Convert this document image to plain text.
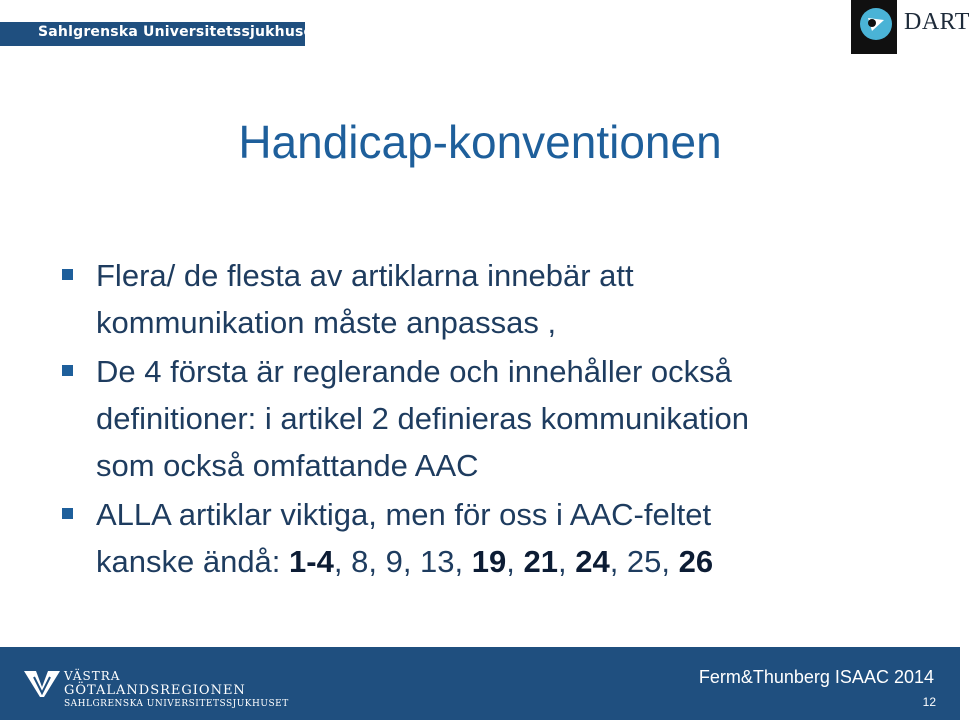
Sahlgrenska Universitetssjukhuset	DART
Handicap-konventionen
Flera/ de flesta av artiklarna innebär att
kommunikation måste anpassas ,
De 4 första är reglerande och innehåller också
definitioner: i artikel 2 definieras kommunikation
som också omfattande AAC
ALLA artiklar viktiga, men för oss i AAC-feltet
kanske ändå: 1-4, 8, 9, 13, 19, 21, 24, 25, 26
VÄSTRA
GÖTALANDSREGIONEN
SAHLGRENSKA UNIVERSITETSSJUKHUSET
Ferm&Thunberg ISAAC 2014
12
